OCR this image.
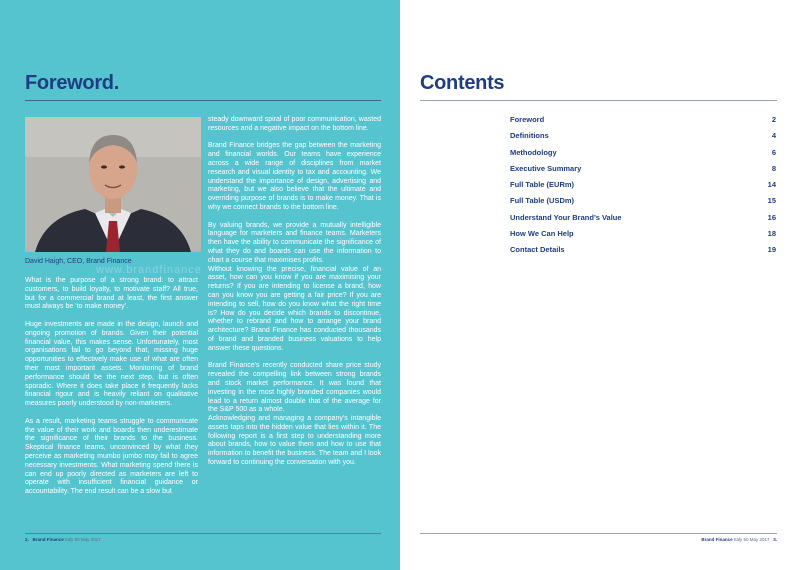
Foreword.
David Haigh, CEO, Brand Finance
www.brandfinance

What is the purpose of a strong brand: to attract customers, to build loyalty, to motivate staff? All true, but for a commercial brand at least, the first answer must always be ‘to make money’.

Huge investments are made in the design, launch and ongoing promotion of brands. Given their potential financial value, this makes sense. Unfortunately, most organisations fail to go beyond that, missing huge opportunities to effectively make use of what are often their most important assets. Monitoring of brand performance should be the next step, but is often sporadic. Where it does take place it frequently lacks financial rigour and is heavily reliant on qualitative measures poorly understood by non-marketers.

As a result, marketing teams struggle to communicate the value of their work and boards then underestimate the significance of their brands to the business. Skeptical finance teams, unconvinced by what they perceive as marketing mumbo jumbo may fail to agree necessary investments. What marketing spend there is can end up poorly directed as marketers are left to operate with insufficient financial guidance or accountability. The end result can be a slow but

steady downward spiral of poor communication, wasted resources and a negative impact on the bottom line.

Brand Finance bridges the gap between the marketing and financial worlds. Our teams have experience across a wide range of disciplines from market research and visual identity to tax and accounting. We understand the importance of design, advertising and marketing, but we also believe that the ultimate and overriding purpose of brands is to make money. That is why we connect brands to the bottom line.

By valuing brands, we provide a mutually intelligible language for marketers and finance teams. Marketers then have the ability to communicate the significance of what they do and boards can use the information to chart a course that maximises profits.

Without knowing the precise, financial value of an asset, how can you know if you are maximising your returns? If you are intending to license a brand, how can you know you are getting a fair price? If you are intending to sell, how do you know what the right time is? How do you decide which brands to discontinue, whether to rebrand and how to arrange your brand architecture? Brand Finance has conducted thousands of brand and branded business valuations to help answer these questions.

Brand Finance’s recently conducted share price study revealed the compelling link between strong brands and stock market performance. It was found that investing in the most highly branded companies would lead to a return almost double that of the average for the S&P 500 as a whole.

Acknowledging and managing a company’s intangible assets taps into the hidden value that lies within it. The following report is a first step to understanding more about brands, how to value them and how to use that information to benefit the business. The team and I look forward to continuing the conversation with you.

2. Brand Finance Italy 50 May 2017
Contents
Foreword	2
Definitions	4
Methodology	6
Executive Summary	8
Full Table (EURm)	14
Full Table (USDm)	15
Understand Your Brand’s Value	16
How We Can Help	18
Contact Details	19
Brand Finance Italy 50 May 2017 3.
